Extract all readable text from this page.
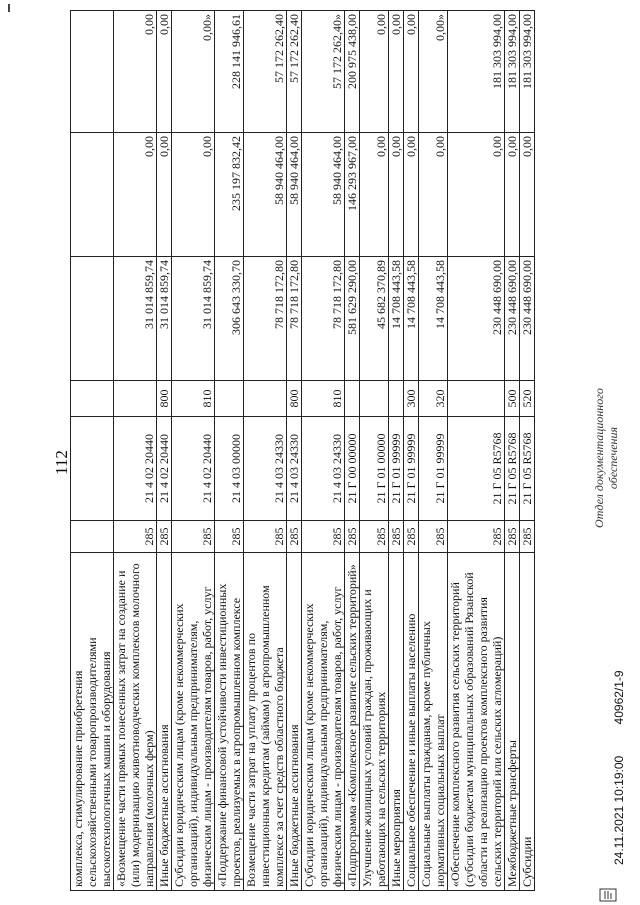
112
комплекса, стимулирование приобретения сельскохозяйственными товаропроизводителями высокотехнологичных машин и оборудования						
«Возмещение части прямых понесенных затрат на создание и (или) модернизацию животноводческих комплексов молочного направления (молочных ферм)	285	21 4 02 20440		31 014 859,74	0,00	0,00
Иные бюджетные ассигнования	285	21 4 02 20440	800	31 014 859,74	0,00	0,00
Субсидии юридическим лицам (кроме некоммерческих организаций), индивидуальным предпринимателям, физическим лицам - производителям товаров, работ, услуг	285	21 4 02 20440	810	31 014 859,74	0,00	0,00»
«Поддержание финансовой устойчивости инвестиционных проектов, реализуемых в агропромышленном комплексе	285	21 4 03 00000		306 643 330,70	235 197 832,42	228 141 946,61
Возмещение части затрат на уплату процентов по инвестиционным кредитам (займам) в агропромышленном комплексе за счет средств областного бюджета	285	21 4 03 24330		78 718 172,80	58 940 464,00	57 172 262,40
Иные бюджетные ассигнования	285	21 4 03 24330	800	78 718 172,80	58 940 464,00	57 172 262,40
Субсидии юридическим лицам (кроме некоммерческих организаций), индивидуальным предпринимателям, физическим лицам - производителям товаров, работ, услуг	285	21 4 03 24330	810	78 718 172,80	58 940 464,00	57 172 262,40»
«Подпрограмма «Комплексное развитие сельских территорий»	285	21 Г 00 00000		581 629 290,00	146 293 967,00	200 975 438,00
Улучшение жилищных условий граждан, проживающих и работающих на сельских территориях	285	21 Г 01 00000		45 682 370,89	0,00	0,00
Иные мероприятия	285	21 Г 01 99999		14 708 443,58	0,00	0,00
Социальное обеспечение и иные выплаты населению	285	21 Г 01 99999	300	14 708 443,58	0,00	0,00
Социальные выплаты гражданам, кроме публичных нормативных социальных выплат	285	21 Г 01 99999	320	14 708 443,58	0,00	0,00»
«Обеспечение комплексного развития сельских территорий (субсидии бюджетам муниципальных образований Рязанской области на реализацию проектов комплексного развития сельских территорий или сельских агломераций)	285	21 Г 05 R5768		230 448 690,00	0,00	181 303 994,00
Межбюджетные трансферты	285	21 Г 05 R5768	500	230 448 690,00	0,00	181 303 994,00
Субсидии	285	21 Г 05 R5768	520	230 448 690,00	0,00	181 303 994,00
Отдел документационного обеспечения
24.11.2021 10:19:00 40962/1-9
